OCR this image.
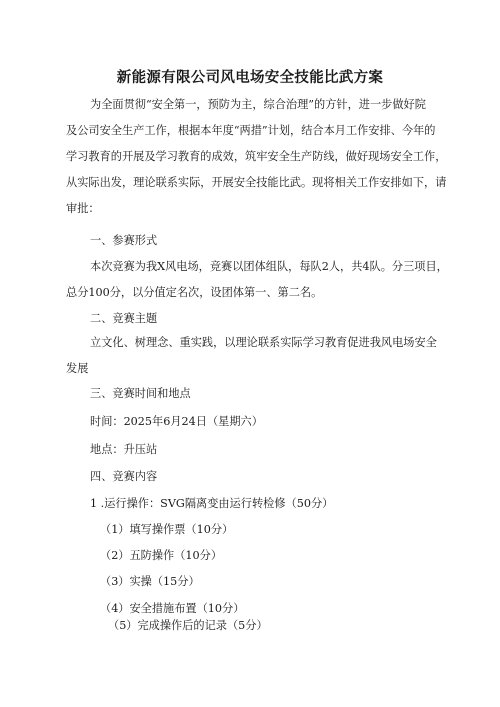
新能源有限公司风电场安全技能比武方案
为全面贯彻“安全第一，预防为主，综合治理”的方针，进一步做好院
及公司安全生产工作，根据本年度“两措”计划，结合本月工作安排、今年的
学习教育的开展及学习教育的成效，筑牢安全生产防线，做好现场安全工作，
从实际出发，理论联系实际，开展安全技能比武。现将相关工作安排如下，请
审批：
一、参赛形式
本次竞赛为我X风电场，竞赛以团体组队，每队2人，共4队。分三项目，
总分100分，以分值定名次，设团体第一、第二名。
二、竞赛主题
立文化、树理念、重实践，以理论联系实际学习教育促进我风电场安全
发展
三、竞赛时间和地点
时间：2025年6月24日（星期六）
地点：升压站
四、竞赛内容
1 .运行操作：SVG隔离变由运行转检修（50分）
（1）填写操作票（10分）
（2）五防操作（10分）
（3）实操（15分）
（4）安全措施布置（10分）
（5）完成操作后的记录（5分）
